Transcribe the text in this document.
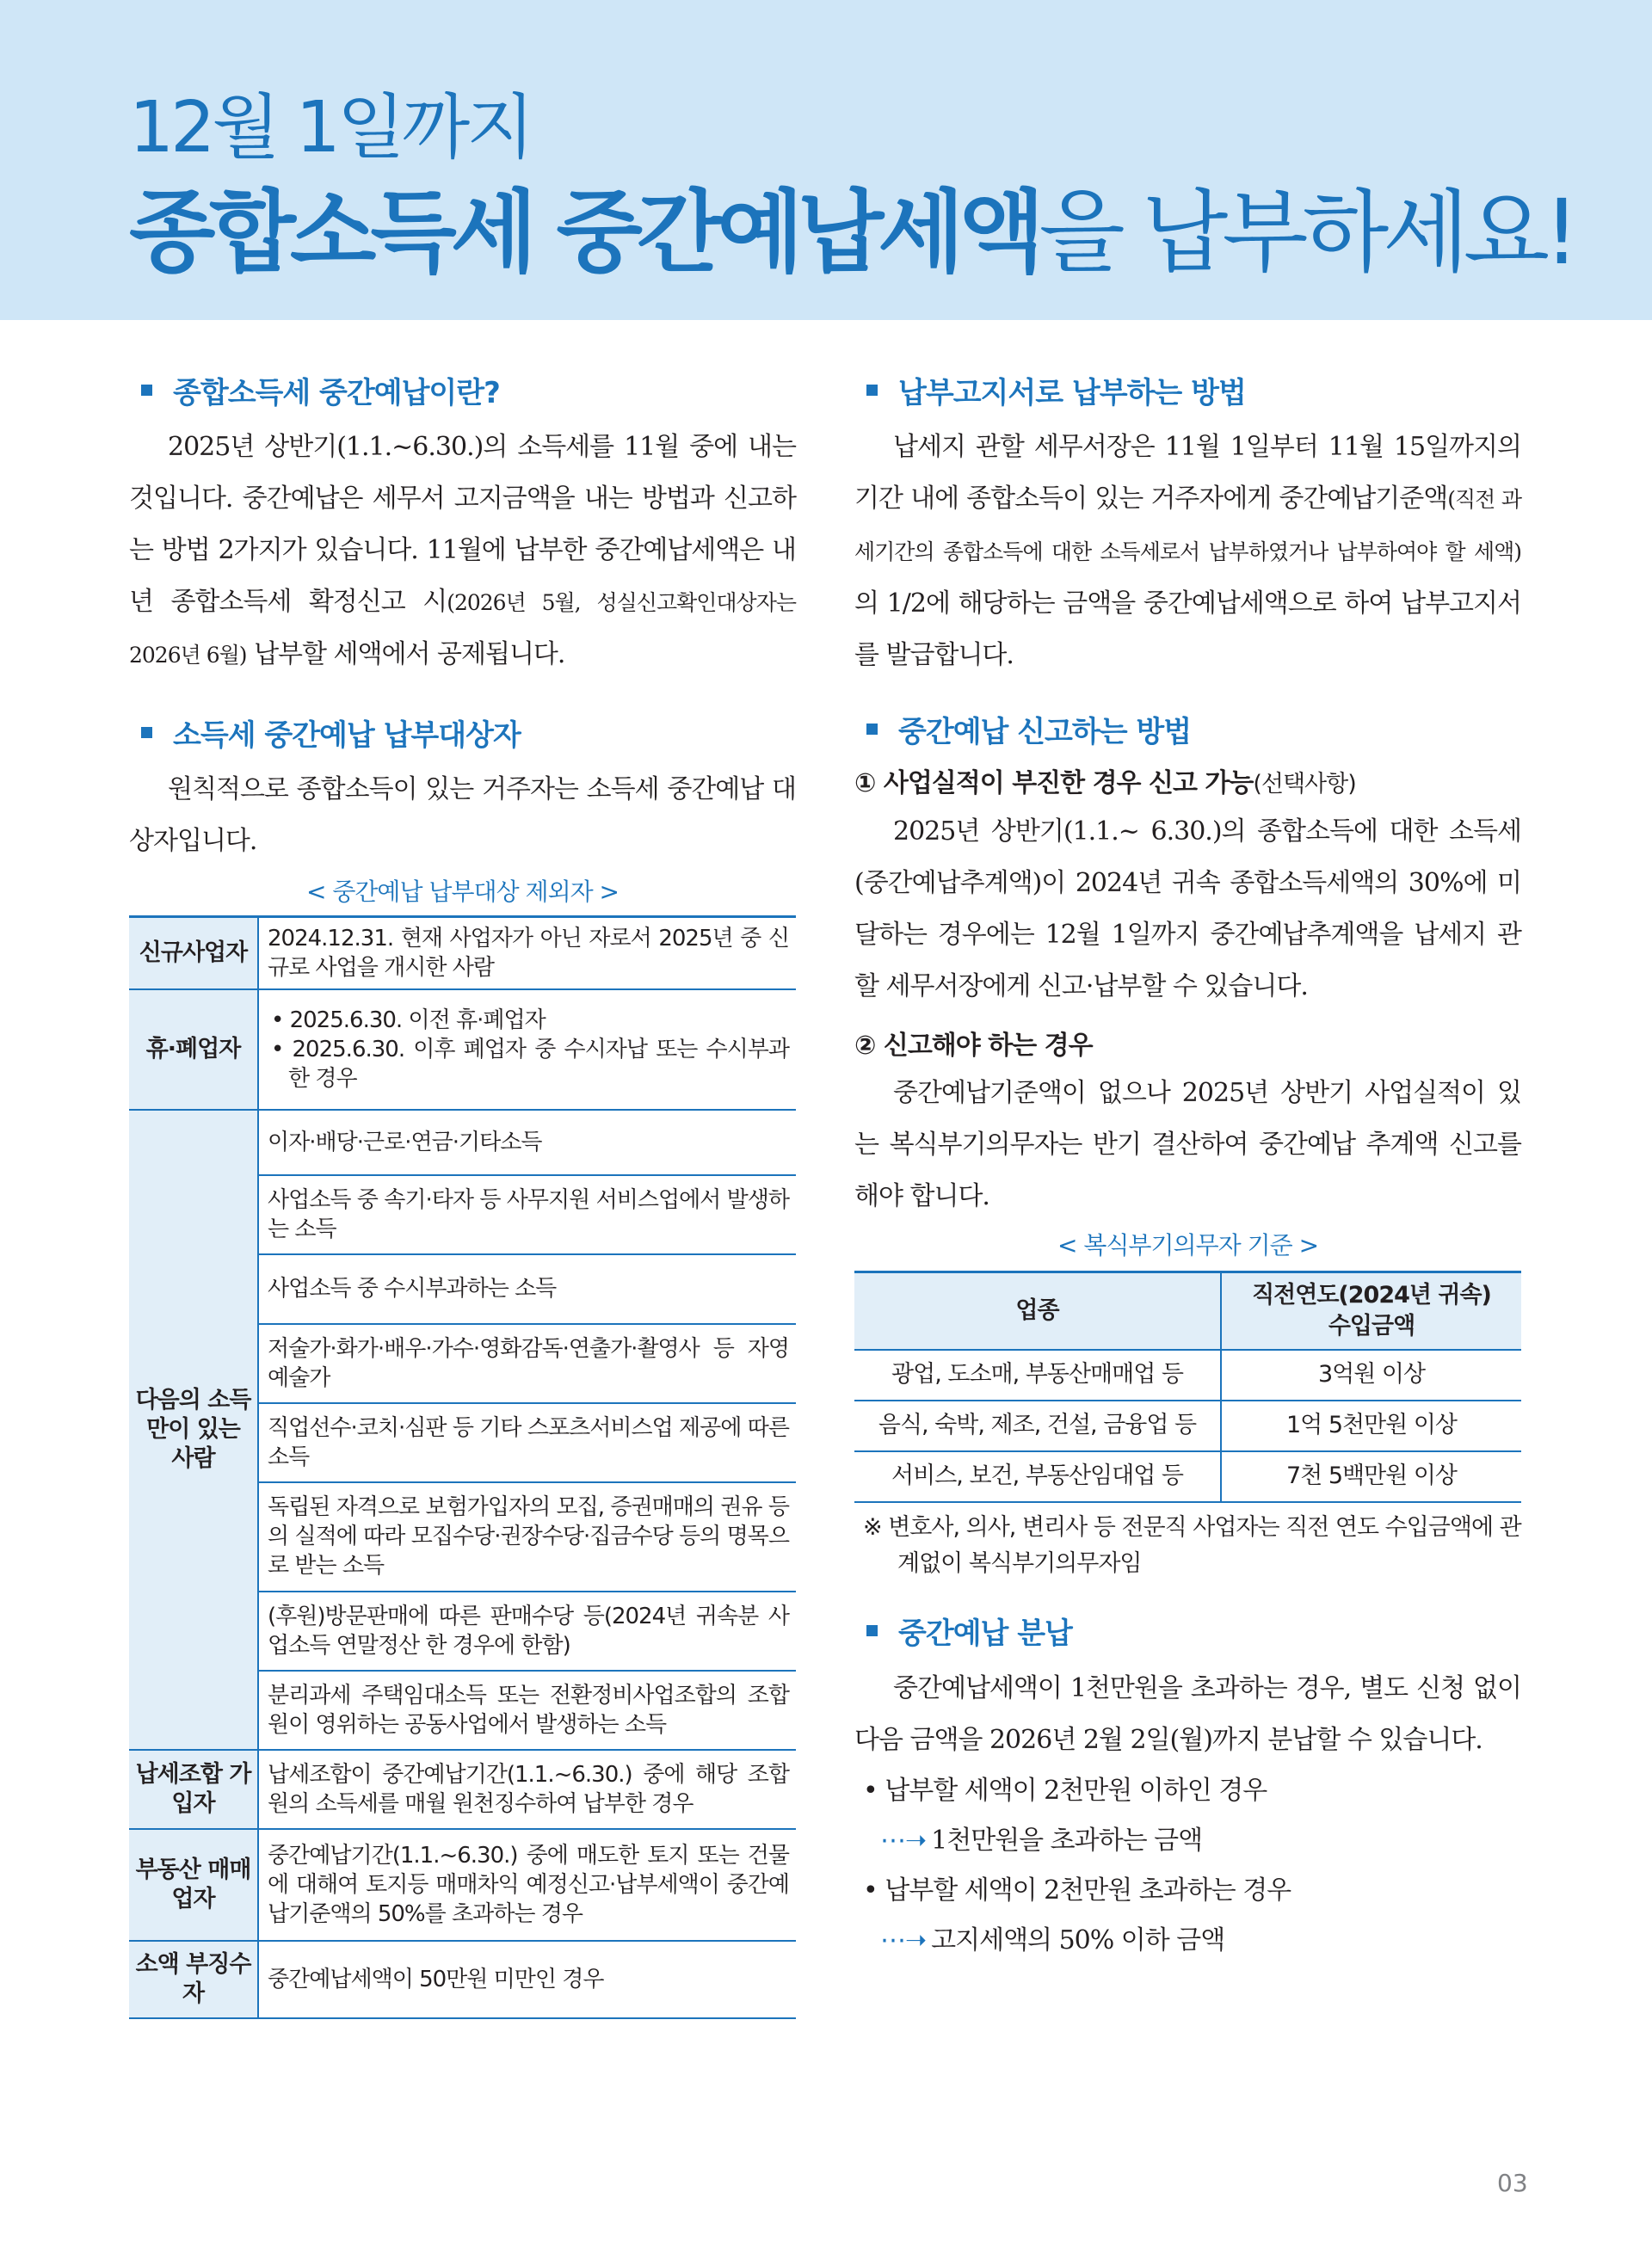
12월 1일까지
종합소득세 중간예납세액을 납부하세요!
종합소득세 중간예납이란?

2025년 상반기(1.1.~6.30.)의 소득세를 11월 중에 내는 것입니다. 중간예납은 세무서 고지금액을 내는 방법과 신고하는 방법 2가지가 있습니다. 11월에 납부한 중간예납세액은 내년 종합소득세 확정신고 시(2026년 5월, 성실신고확인대상자는 2026년 6월) 납부할 세액에서 공제됩니다.

소득세 중간예납 납부대상자

원칙적으로 종합소득이 있는 거주자는 소득세 중간예납 대상자입니다.

< 중간예납 납부대상 제외자 >
신규사업자	2024.12.31. 현재 사업자가 아닌 자로서 2025년 중 신규로 사업을 개시한 사람
휴·폐업자	• 2025.6.30. 이전 휴·폐업자
• 2025.6.30. 이후 폐업자 중 수시자납 또는 수시부과한 경우

다음의 소득만이 있는 사람	이자·배당·근로·연금·기타소득
	사업소득 중 속기·타자 등 사무지원 서비스업에서 발생하는 소득
	사업소득 중 수시부과하는 소득
	저술가·화가·배우·가수·영화감독·연출가·촬영사 등 자영예술가
	직업선수·코치·심판 등 기타 스포츠서비스업 제공에 따른 소득
	독립된 자격으로 보험가입자의 모집, 증권매매의 권유 등의 실적에 따라 모집수당·권장수당·집금수당 등의 명목으로 받는 소득
	(후원)방문판매에 따른 판매수당 등(2024년 귀속분 사업소득 연말정산 한 경우에 한함)
	분리과세 주택임대소득 또는 전환정비사업조합의 조합원이 영위하는 공동사업에서 발생하는 소득
납세조합 가입자	납세조합이 중간예납기간(1.1.~6.30.) 중에 해당 조합원의 소득세를 매월 원천징수하여 납부한 경우
부동산 매매업자	중간예납기간(1.1.~6.30.) 중에 매도한 토지 또는 건물에 대해여 토지등 매매차익 예정신고·납부세액이 중간예납기준액의 50%를 초과하는 경우
소액 부징수자	중간예납세액이 50만원 미만인 경우
납부고지서로 납부하는 방법

납세지 관할 세무서장은 11월 1일부터 11월 15일까지의 기간 내에 종합소득이 있는 거주자에게 중간예납기준액(직전 과세기간의 종합소득에 대한 소득세로서 납부하였거나 납부하여야 할 세액)의 1/2에 해당하는 금액을 중간예납세액으로 하여 납부고지서를 발급합니다.

중간예납 신고하는 방법
① 사업실적이 부진한 경우 신고 가능(선택사항)

2025년 상반기(1.1.~ 6.30.)의 종합소득에 대한 소득세(중간예납추계액)이 2024년 귀속 종합소득세액의 30%에 미달하는 경우에는 12월 1일까지 중간예납추계액을 납세지 관할 세무서장에게 신고·납부할 수 있습니다.

② 신고해야 하는 경우

중간예납기준액이 없으나 2025년 상반기 사업실적이 있는 복식부기의무자는 반기 결산하여 중간예납 추계액 신고를 해야 합니다.

< 복식부기의무자 기준 >
업종	직전연도(2024년 귀속)
수입금액

광업, 도소매, 부동산매매업 등	3억원 이상
음식, 숙박, 제조, 건설, 금융업 등	1억 5천만원 이상
서비스, 보건, 부동산임대업 등	7천 5백만원 이상
※ 변호사, 의사, 변리사 등 전문직 사업자는 직전 연도 수입금액에 관계없이 복식부기의무자임
중간예납 분납

중간예납세액이 1천만원을 초과하는 경우, 별도 신청 없이 다음 금액을 2026년 2월 2일(월)까지 분납할 수 있습니다.

• 납부할 세액이 2천만원 이하인 경우
⋯➝ 1천만원을 초과하는 금액
• 납부할 세액이 2천만원 초과하는 경우
⋯➝ 고지세액의 50% 이하 금액
03
